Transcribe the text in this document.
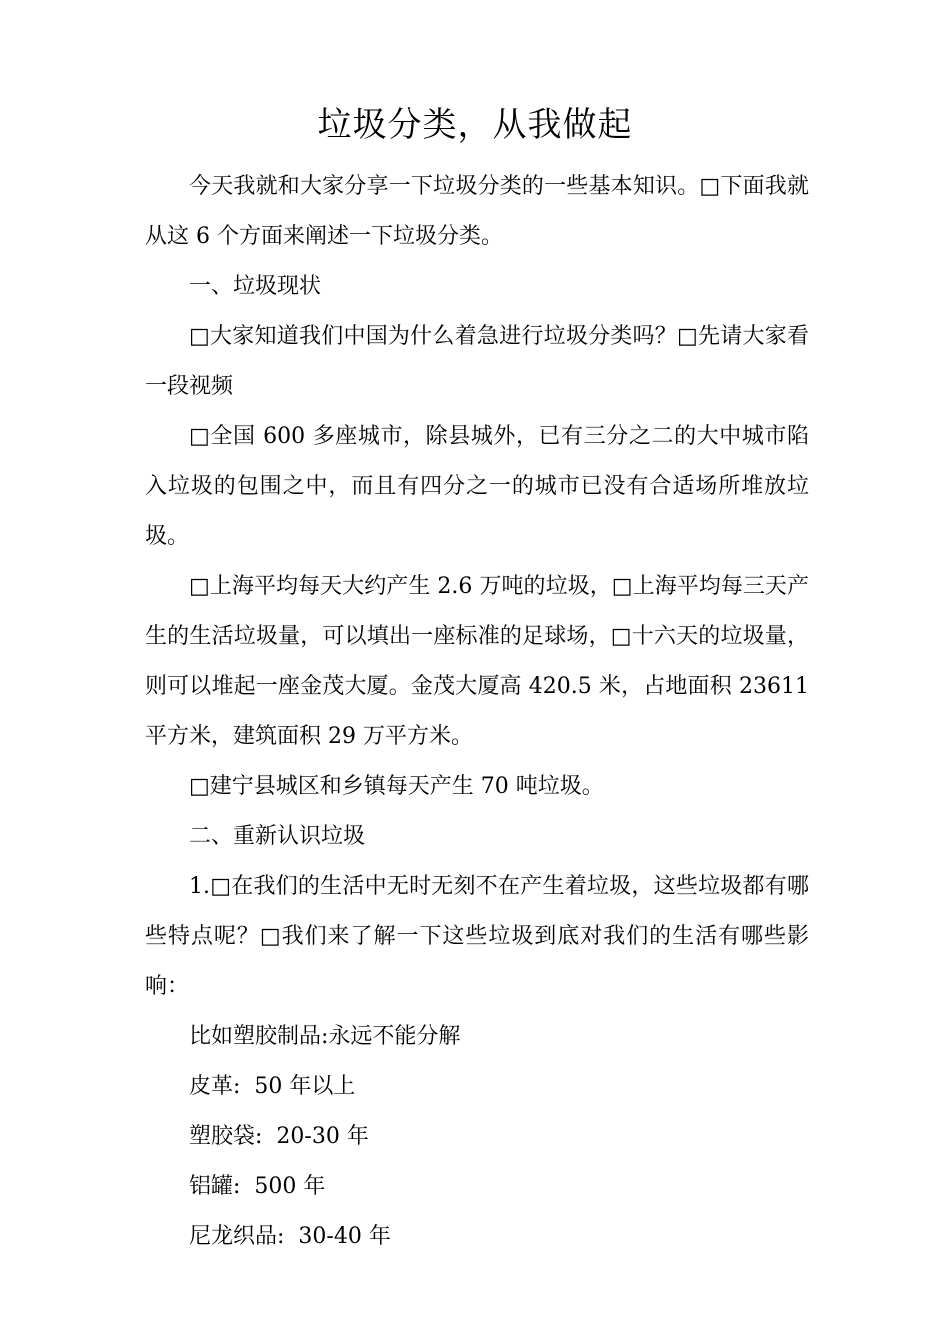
垃圾分类，从我做起

今天我就和大家分享一下垃圾分类的一些基本知识。□下面我就从这 6 个方面来阐述一下垃圾分类。

一、垃圾现状

□大家知道我们中国为什么着急进行垃圾分类吗？□先请大家看一段视频

□全国 600 多座城市，除县城外，已有三分之二的大中城市陷入垃圾的包围之中，而且有四分之一的城市已没有合适场所堆放垃圾。

□上海平均每天大约产生 2.6 万吨的垃圾，□上海平均每三天产生的生活垃圾量，可以填出一座标准的足球场，□十六天的垃圾量，则可以堆起一座金茂大厦。金茂大厦高 420.5 米，占地面积 23611 平方米，建筑面积 29 万平方米。

□建宁县城区和乡镇每天产生 70 吨垃圾。

二、重新认识垃圾

1.□在我们的生活中无时无刻不在产生着垃圾，这些垃圾都有哪些特点呢？□我们来了解一下这些垃圾到底对我们的生活有哪些影响：

比如塑胶制品:永远不能分解

皮革:  50 年以上

塑胶袋:  20-30 年

铝罐:  500 年

尼龙织品:  30-40 年
